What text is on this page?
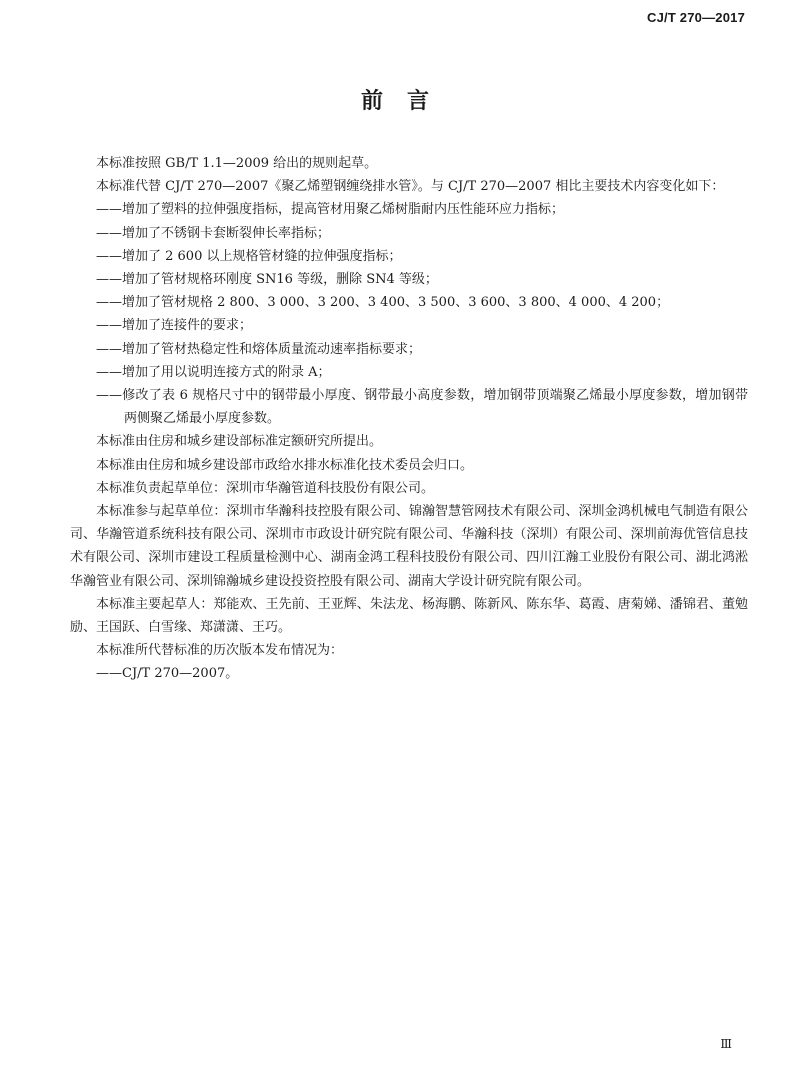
CJ/T 270—2017
前言

本标准按照 GB/T 1.1—2009 给出的规则起草。

本标准代替 CJ/T 270—2007《聚乙烯塑钢缠绕排水管》。与 CJ/T 270—2007 相比主要技术内容变化如下：

——增加了塑料的拉伸强度指标，提高管材用聚乙烯树脂耐内压性能环应力指标；

——增加了不锈钢卡套断裂伸长率指标；

——增加了 2 600 以上规格管材缝的拉伸强度指标；

——增加了管材规格环刚度 SN16 等级，删除 SN4 等级；

——增加了管材规格 2 800、3 000、3 200、3 400、3 500、3 600、3 800、4 000、4 200；

——增加了连接件的要求；

——增加了管材热稳定性和熔体质量流动速率指标要求；

——增加了用以说明连接方式的附录 A；

——修改了表 6 规格尺寸中的钢带最小厚度、钢带最小高度参数，增加钢带顶端聚乙烯最小厚度参数，增加钢带两侧聚乙烯最小厚度参数。

本标准由住房和城乡建设部标准定额研究所提出。

本标准由住房和城乡建设部市政给水排水标准化技术委员会归口。

本标准负责起草单位：深圳市华瀚管道科技股份有限公司。

本标准参与起草单位：深圳市华瀚科技控股有限公司、锦瀚智慧管网技术有限公司、深圳金鸿机械电气制造有限公司、华瀚管道系统科技有限公司、深圳市市政设计研究院有限公司、华瀚科技（深圳）有限公司、深圳前海优管信息技术有限公司、深圳市建设工程质量检测中心、湖南金鸿工程科技股份有限公司、四川江瀚工业股份有限公司、湖北鸿淞华瀚管业有限公司、深圳锦瀚城乡建设投资控股有限公司、湖南大学设计研究院有限公司。

本标准主要起草人：郑能欢、王先前、王亚辉、朱法龙、杨海鹏、陈新风、陈东华、葛霞、唐菊娣、潘锦君、董勉励、王国跃、白雪缘、郑潇潇、王巧。

本标准所代替标准的历次版本发布情况为：

——CJ/T 270—2007。

Ⅲ
